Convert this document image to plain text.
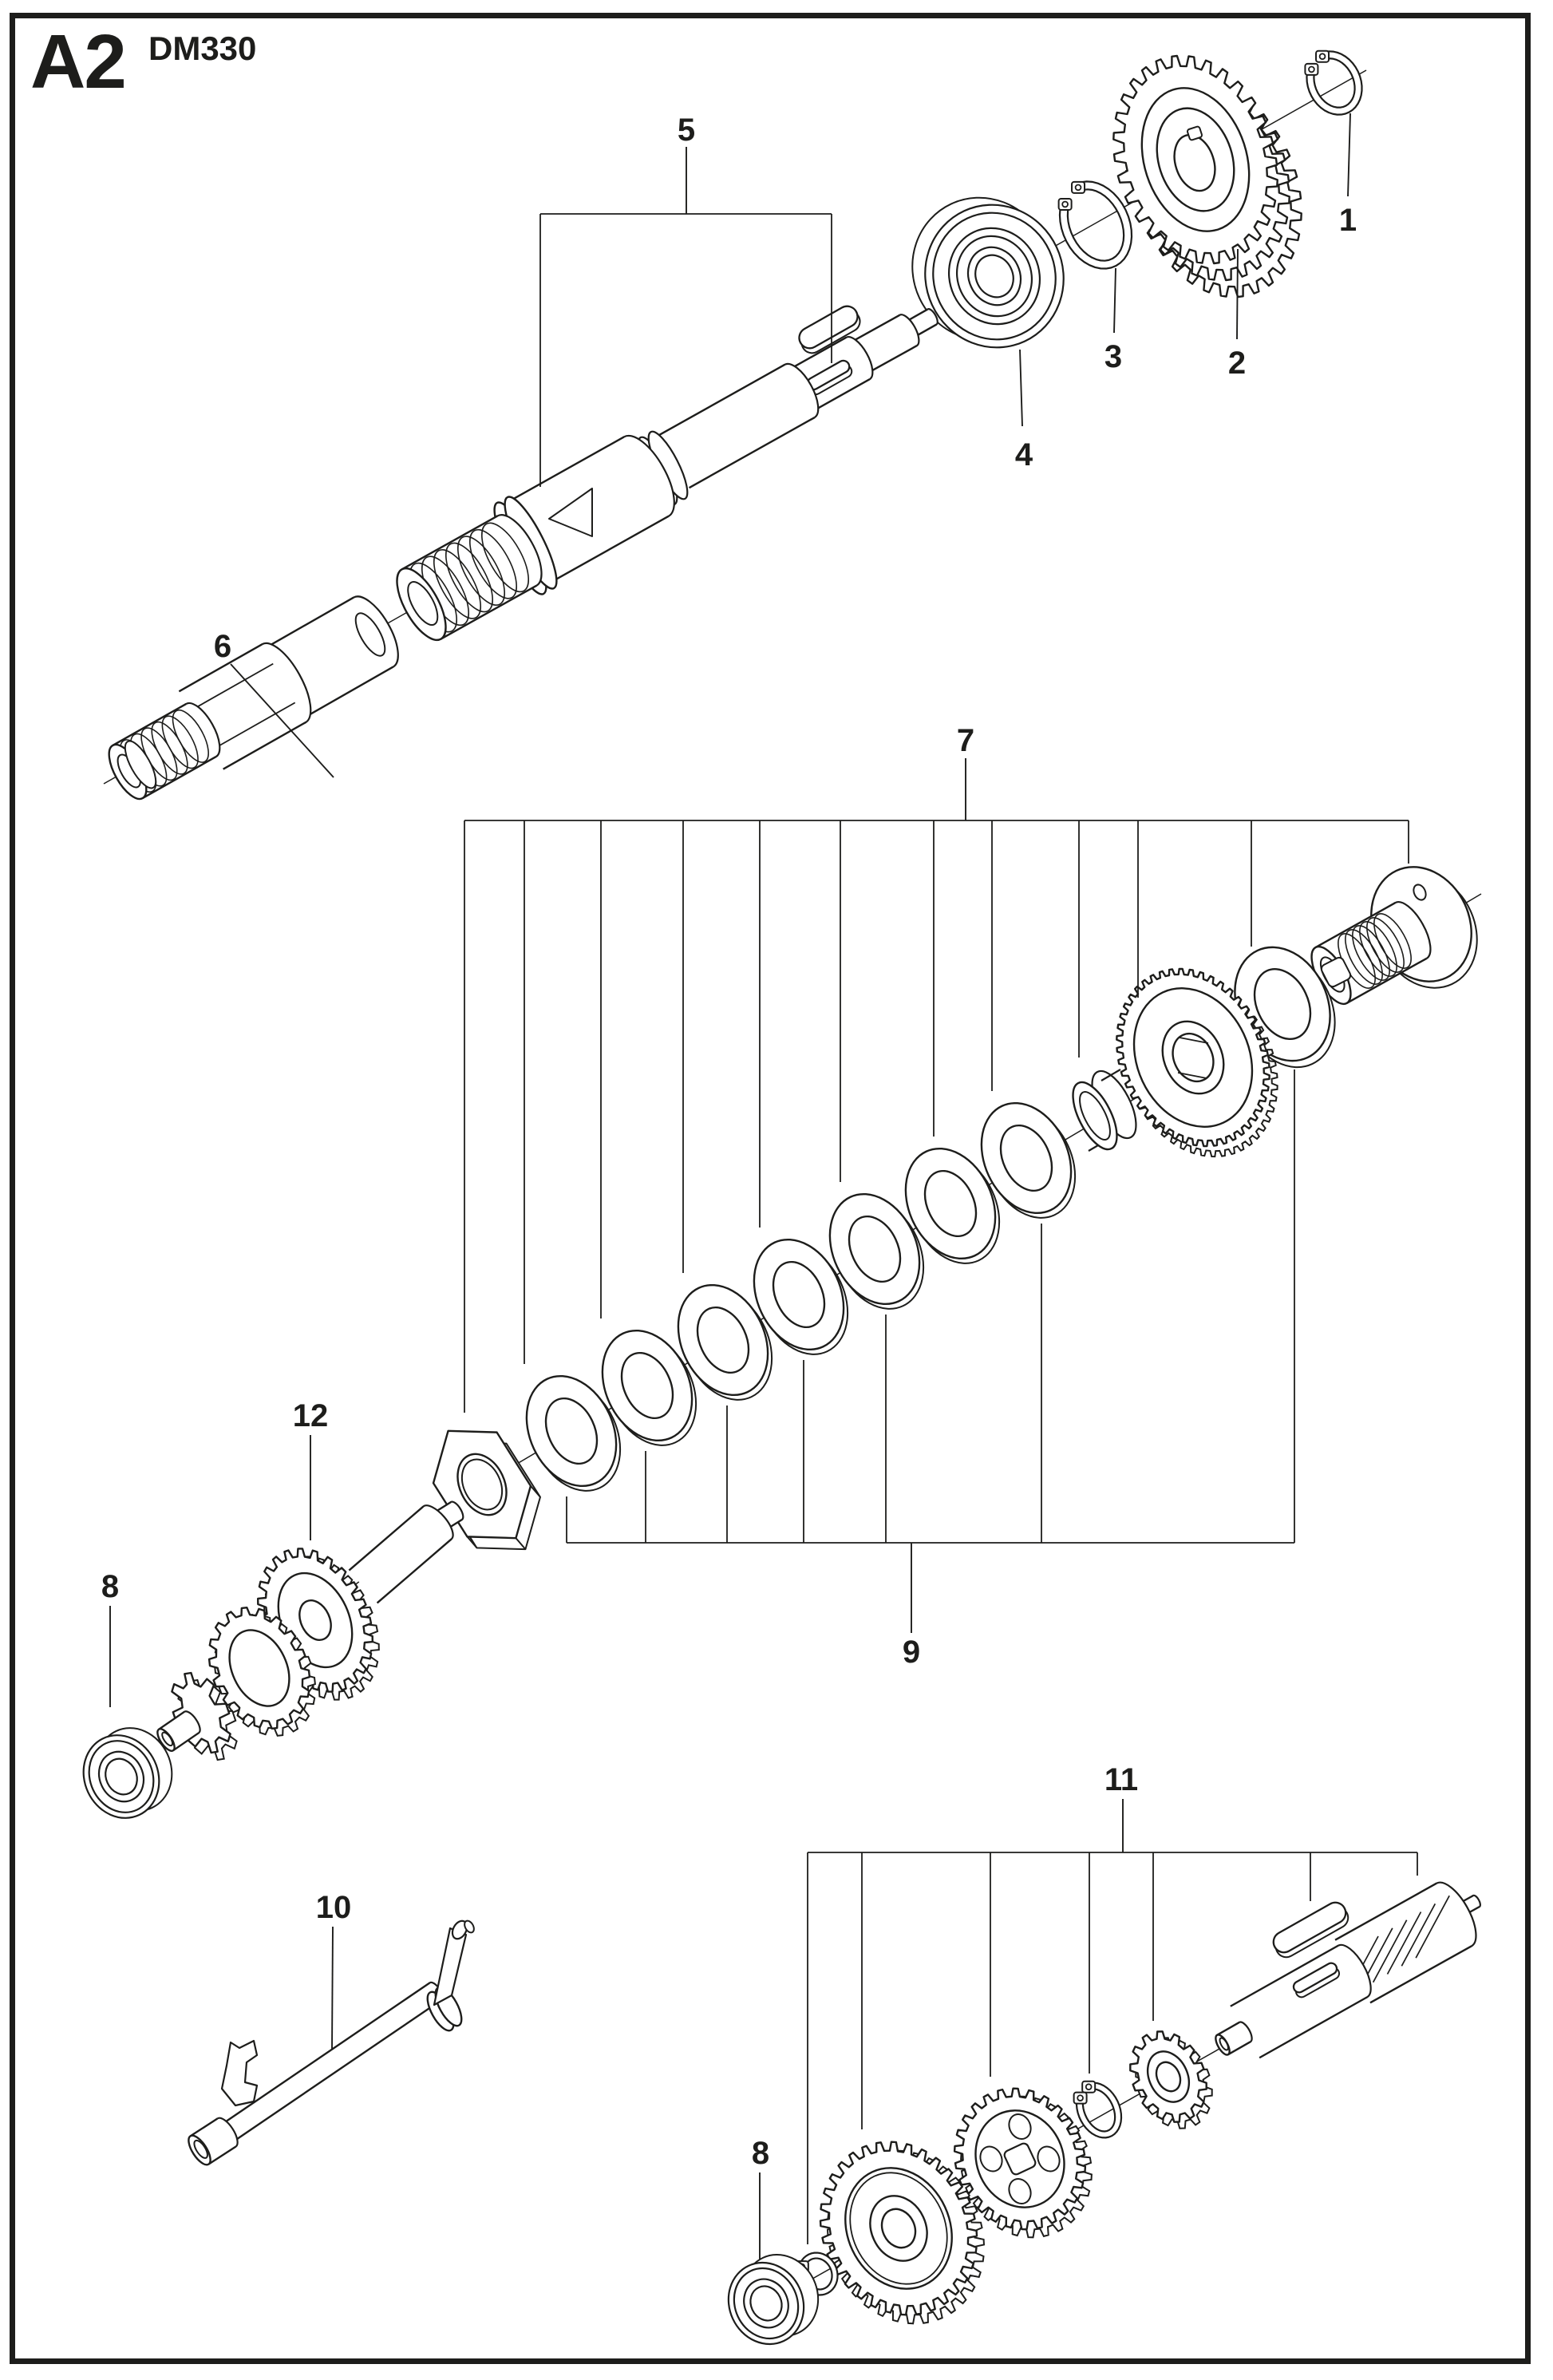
A2 DM330
1
2
3
4
5
6
7
8
9
10
11
12
8
